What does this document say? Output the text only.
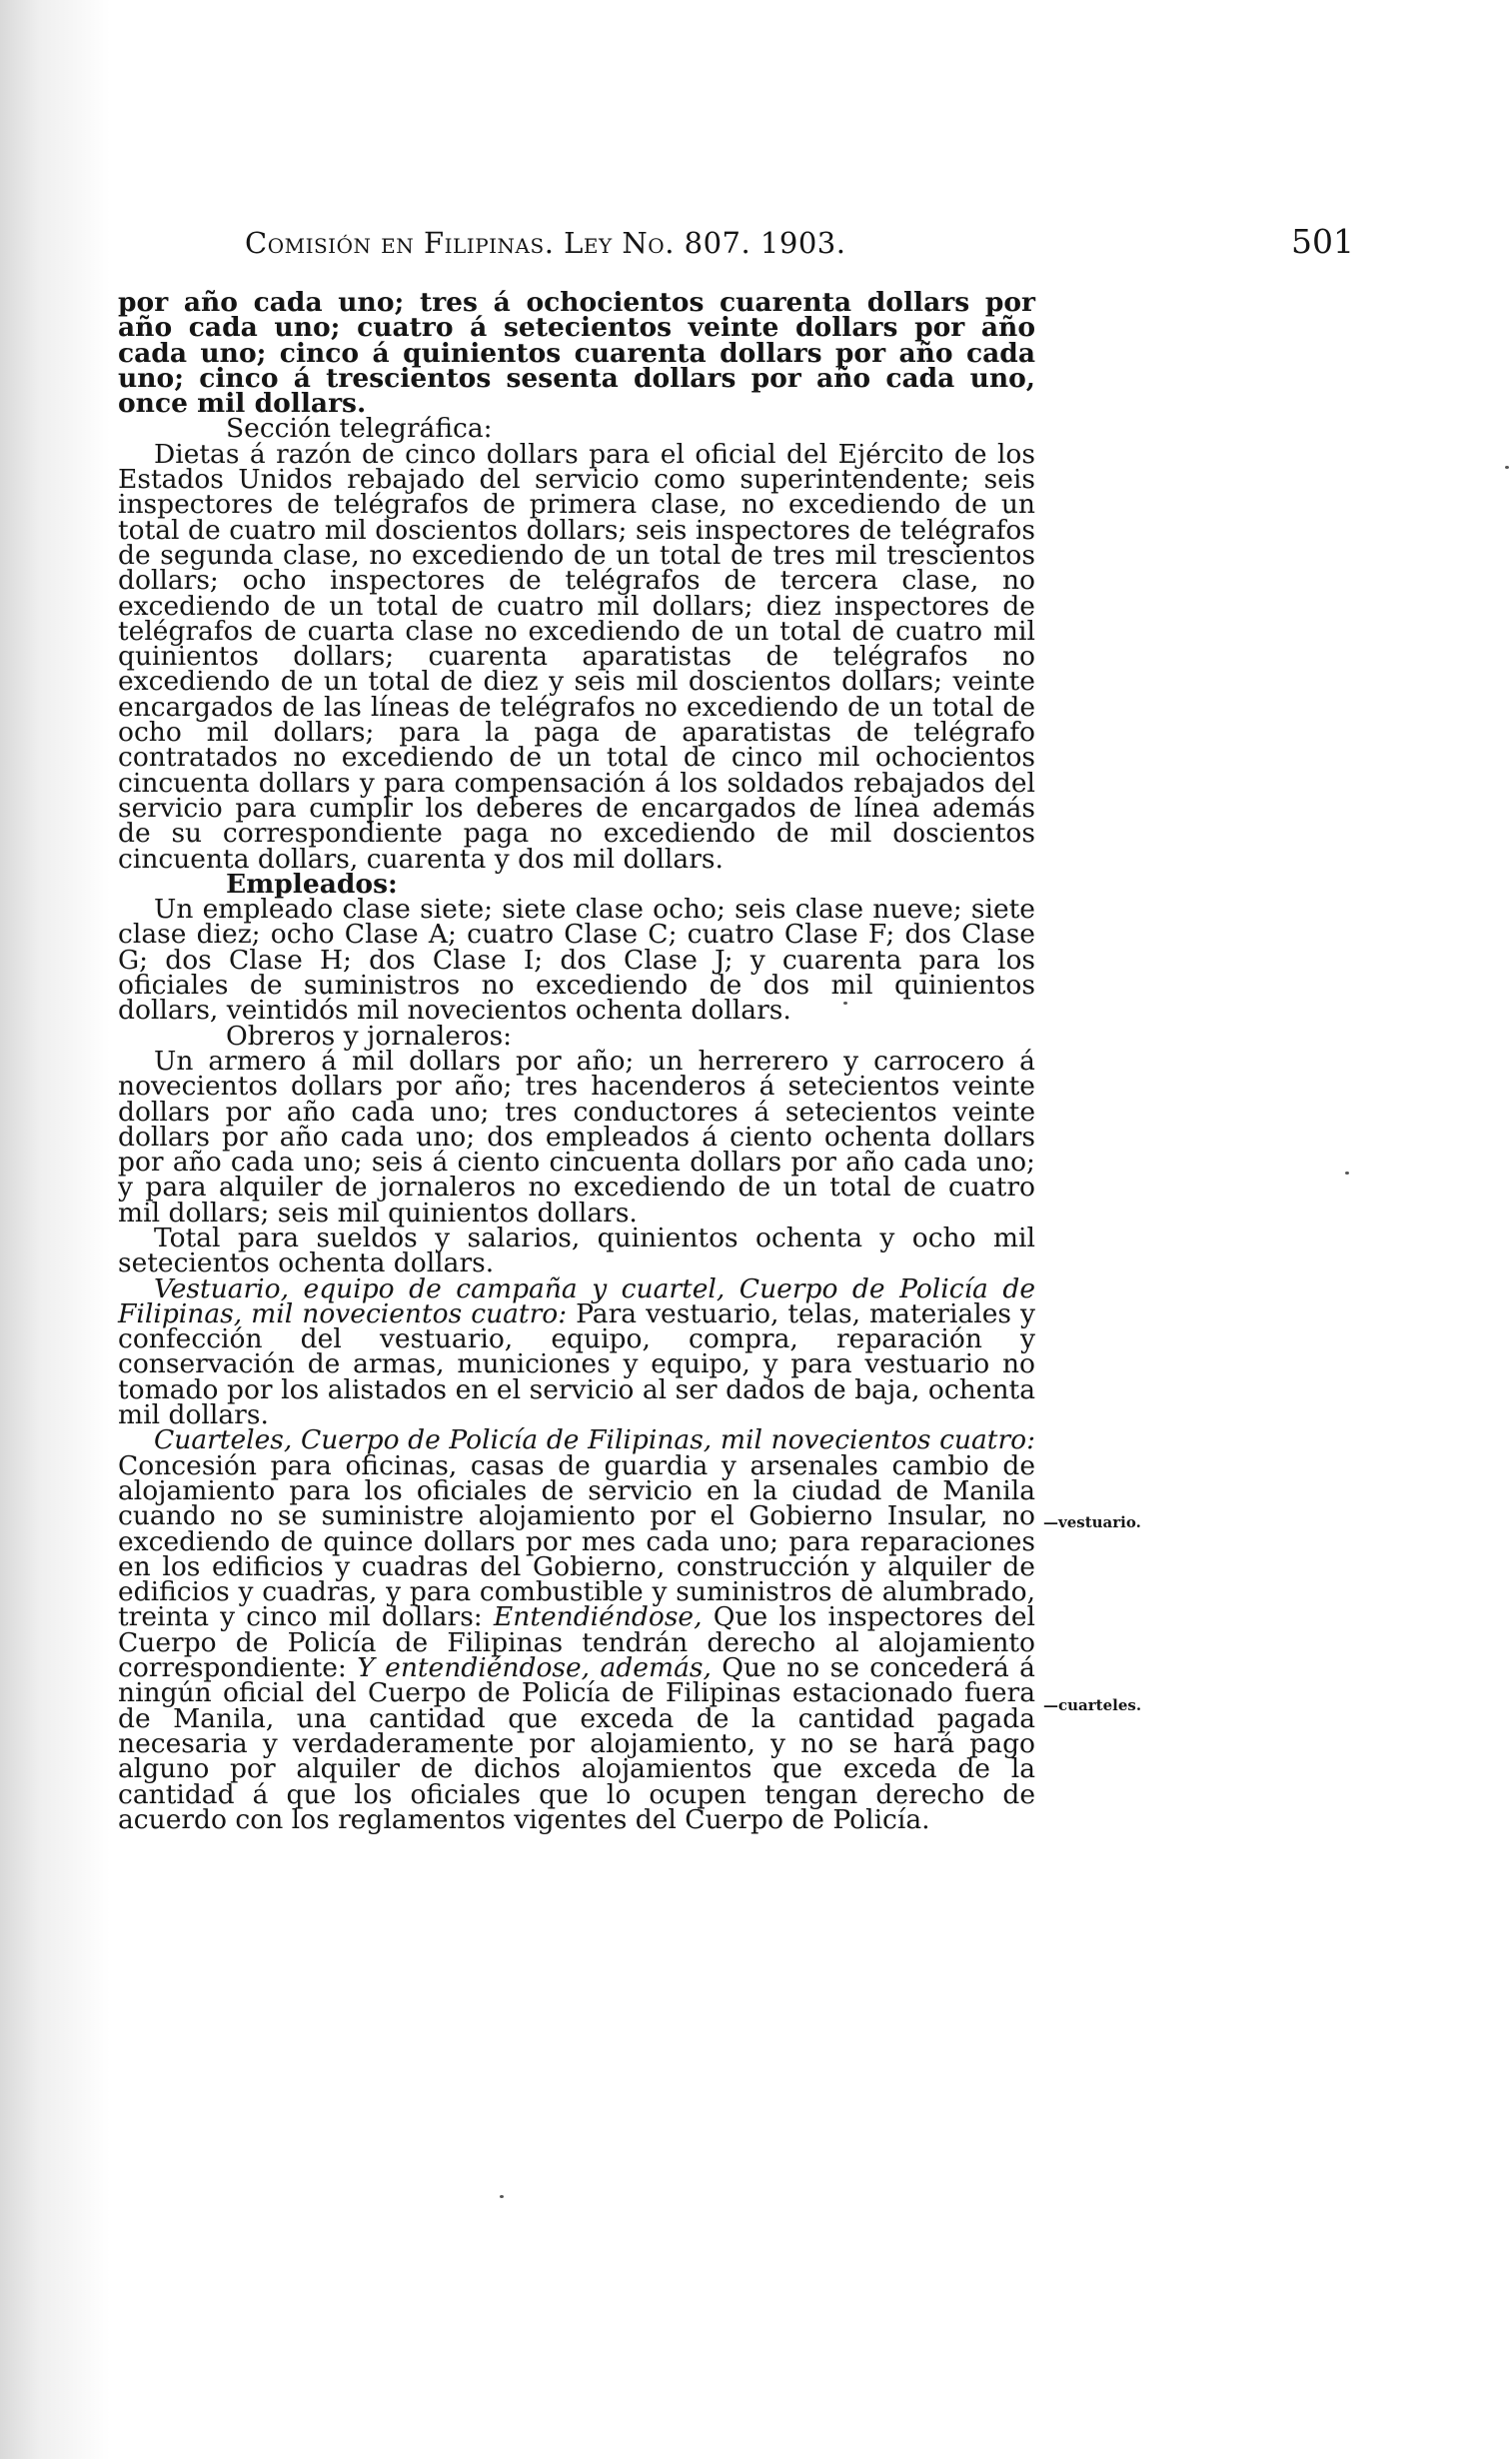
Comisión en Filipinas. Ley No. 807. 1903.	501

por año cada uno; tres á ochocientos cuarenta dollars por año cada uno; cuatro á setecientos veinte dollars por año cada uno; cinco á quinientos cuarenta dollars por año cada uno; cinco á trescientos sesenta dollars por año cada uno, once mil dollars.

Sección telegráfica:

Dietas á razón de cinco dollars para el oficial del Ejército de los Estados Unidos rebajado del servicio como superintendente; seis inspectores de telégrafos de primera clase, no excediendo de un total de cuatro mil doscientos dollars; seis inspectores de telégrafos de segunda clase, no excediendo de un total de tres mil trescientos dollars; ocho inspectores de telégrafos de tercera clase, no excediendo de un total de cuatro mil dollars; diez inspectores de telégrafos de cuarta clase no excediendo de un total de cuatro mil quinientos dollars; cuarenta aparatistas de telégrafos no excediendo de un total de diez y seis mil doscientos dollars; veinte encargados de las líneas de telégrafos no excediendo de un total de ocho mil dollars; para la paga de aparatistas de telégrafo contratados no excediendo de un total de cinco mil ochocientos cincuenta dollars y para compensación á los soldados rebajados del servicio para cumplir los deberes de encargados de línea además de su correspondiente paga no excediendo de mil doscientos cincuenta dollars, cuarenta y dos mil dollars.

Empleados:

Un empleado clase siete; siete clase ocho; seis clase nueve; siete clase diez; ocho Clase A; cuatro Clase C; cuatro Clase F; dos Clase G; dos Clase H; dos Clase I; dos Clase J; y cuarenta para los oficiales de suministros no excediendo de dos mil quinientos dollars, veintidós mil novecientos ochenta dollars.

Obreros y jornaleros:

Un armero á mil dollars por año; un herrerero y carrocero á novecientos dollars por año; tres hacenderos á setecientos veinte dollars por año cada uno; tres conductores á setecientos veinte dollars por año cada uno; dos empleados á ciento ochenta dollars por año cada uno; seis á ciento cincuenta dollars por año cada uno; y para alquiler de jornaleros no excediendo de un total de cuatro mil dollars; seis mil quinientos dollars.

Total para sueldos y salarios, quinientos ochenta y ocho mil setecientos ochenta dollars.

Vestuario, equipo de campaña y cuartel, Cuerpo de Policía de Filipinas, mil novecientos cuatro: Para vestuario, telas, materiales y confección del vestuario, equipo, compra, reparación y conservación de armas, municiones y equipo, y para vestuario no tomado por los alistados en el servicio al ser dados de baja, ochenta mil dollars.

Cuarteles, Cuerpo de Policía de Filipinas, mil novecientos cuatro: Concesión para oficinas, casas de guardia y arsenales cambio de alojamiento para los oficiales de servicio en la ciudad de Manila cuando no se suministre alojamiento por el Gobierno Insular, no excediendo de quince dollars por mes cada uno; para reparaciones en los edificios y cuadras del Gobierno, construcción y alquiler de edificios y cuadras, y para combustible y suministros de alumbrado, treinta y cinco mil dollars: Entendiéndose, Que los inspectores del Cuerpo de Policía de Filipinas tendrán derecho al alojamiento correspondiente: Y entendiéndose, además, Que no se concederá á ningún oficial del Cuerpo de Policía de Filipinas estacionado fuera de Manila, una cantidad que exceda de la cantidad pagada necesaria y verdaderamente por alojamiento, y no se hará pago alguno por alquiler de dichos alojamientos que exceda de la cantidad á que los oficiales que lo ocupen tengan derecho de acuerdo con los reglamentos vigentes del Cuerpo de Policía.

—vestuario.
—cuarteles.
